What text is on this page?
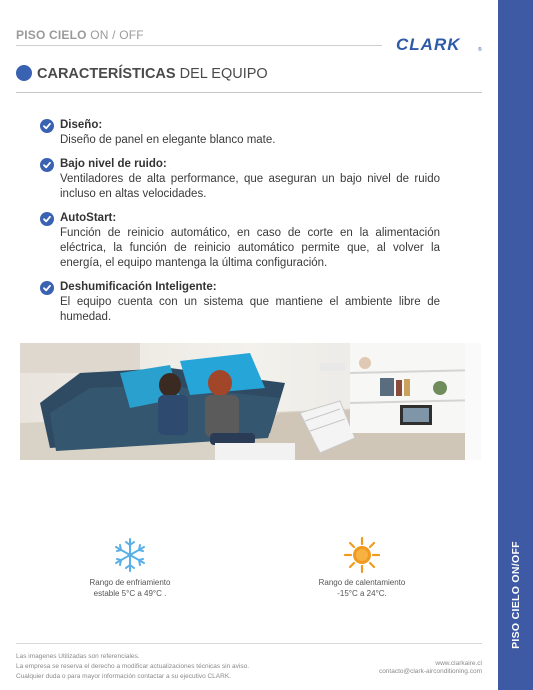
PISO CIELO ON / OFF	CLARK	®
PISO CIELO ON/OFF
CARACTERÍSTICAS DEL EQUIPO
Diseño:
Diseño de panel en elegante blanco mate.
Bajo nivel de ruido:
Ventiladores de alta performance, que aseguran un bajo nivel de ruido incluso en altas velocidades.
AutoStart:
Función de reinicio automático, en caso de corte en la alimentación eléctrica, la función de reinicio automático permite que, al volver la energía, el equipo mantenga la última configuración.
Deshumificación Inteligente:
El equipo cuenta con un sistema que mantiene el ambiente libre de humedad.
Rango de enfriamiento
estable 5°C a 49°C .
Rango de calentamiento
-15°C a 24°C.
Las imagenes Utilizadas son referenciales.
La empresa se reserva el derecho a modificar actualizaciones técnicas sin aviso.
Cualquier duda o para mayor información contactar a su ejecutivo CLARK.
www.clarkaire.cl
contacto@clark-airconditioning.com
